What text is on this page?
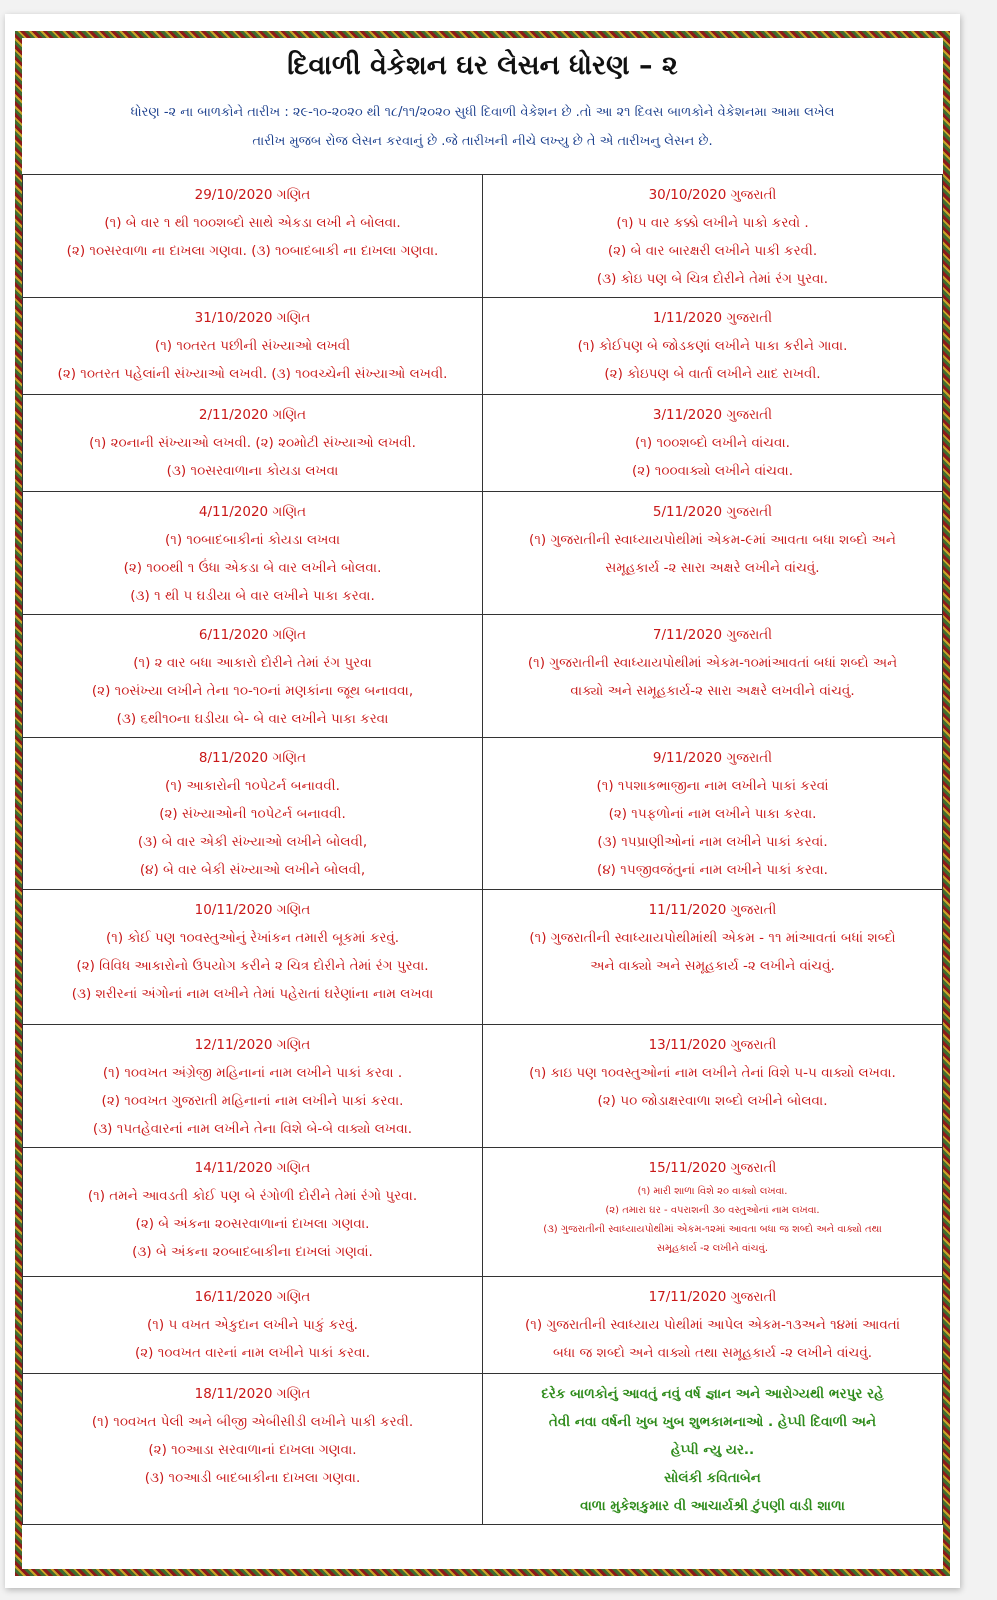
દિવાળી વેકેશન ઘર લેસન ધોરણ – ૨
ધોરણ -૨ ના બાળકોને તારીખ : ૨૯-૧૦-૨૦૨૦ થી ૧૮/૧૧/૨૦૨૦ સુધી દિવાળી વેકેશન છે .તો આ ૨૧ દિવસ બાળકોને વેકેશનમા આમા લખેલ
તારીખ મુજબ રોજ લેસન કરવાનું છે .જે તારીખની નીચે લખ્યુ છે તે એ તારીખનુ લેસન છે.
29/10/2020 ગણિત
(૧) બે વાર ૧ થી ૧૦૦શબ્દો સાથે એકડા લખી ને બોલવા.
(૨) ૧૦સરવાળા ના દાખલા ગણવા. (૩) ૧૦બાદબાકી ના દાખલા ગણવા.	30/10/2020 ગુજરાતી
(૧) ૫ વાર કક્કો લખીને પાકો કરવો .
(૨) બે વાર બારક્ષરી લખીને પાકી કરવી.
(૩) કોઇ પણ બે ચિત્ર દોરીને તેમાં રંગ પુરવા.

31/10/2020 ગણિત
(૧) ૧૦તરત પછીની સંખ્યાઓ લખવી
(૨) ૧૦તરત પહેલાંની સંખ્યાઓ લખવી. (૩) ૧૦વચ્ચેની સંખ્યાઓ લખવી.	1/11/2020 ગુજરાતી
(૧) કોઈપણ બે જોડકણાં લખીને પાકા કરીને ગાવા.
(૨) કોઇપણ બે વાર્તા લખીને યાદ રાખવી.

2/11/2020 ગણિત
(૧) ૨૦નાની સંખ્યાઓ લખવી. (૨) ૨૦મોટી સંખ્યાઓ લખવી.
(૩) ૧૦સરવાળાના કોયડા લખવા	3/11/2020 ગુજરાતી
(૧) ૧૦૦શબ્દો લખીને વાંચવા.
(૨) ૧૦૦વાક્યો લખીને વાંચવા.

4/11/2020 ગણિત
(૧) ૧૦બાદબાકીનાં કોયડા લખવા
(૨) ૧૦૦થી ૧ ઉંધા એકડા બે વાર લખીને બોલવા.
(૩) ૧ થી ૫ ઘડીયા બે વાર લખીને પાકા કરવા.	5/11/2020 ગુજરાતી
(૧) ગુજરાતીની સ્વાધ્યાયપોથીમાં એકમ-૯માં આવતા બધા શબ્દો અને
સમૂહકાર્ય -૨ સારા અક્ષરે લખીને વાંચવું.

6/11/2020 ગણિત
(૧) ૨ વાર બધા આકારો દોરીને તેમાં રંગ પુરવા
(૨) ૧૦સંખ્યા લખીને તેના ૧૦-૧૦નાં મણકાંના જૂથ બનાવવા,
(૩) ૬થી૧૦ના ઘડીયા બે- બે વાર લખીને પાકા કરવા	7/11/2020 ગુજરાતી
(૧) ગુજરાતીની સ્વાધ્યાયપોથીમાં એકમ-૧૦માંઆવતાં બધાં શબ્દો અને
વાક્યો અને સમૂહકાર્ય-૨ સારા અક્ષરે લખવીને વાંચવું.

8/11/2020 ગણિત
(૧) આકારોની ૧૦પેટર્ન બનાવવી.
(૨) સંખ્યાઓની ૧૦પેટર્ન બનાવવી.
(૩) બે વાર એકી સંખ્યાઓ લખીને બોલવી,
(૪) બે વાર બેકી સંખ્યાઓ લખીને બોલવી,	9/11/2020 ગુજરાતી
(૧) ૧૫શાકભાજીના નામ લખીને પાકાં કરવાં
(૨) ૧૫ફળોનાં નામ લખીને પાકા કરવા.
(૩) ૧૫પ્રાણીઓનાં નામ લખીને પાકાં કરવાં.
(૪) ૧૫જીવજંતુનાં નામ લખીને પાકાં કરવા.

10/11/2020 ગણિત
(૧) કોઈ પણ ૧૦વસ્તુઓનું રેખાંકન તમારી બૂકમાં કરવું.
(૨) વિવિધ આકારોનો ઉપયોગ કરીને ૨ ચિત્ર દોરીને તેમાં રંગ પુરવા.
(૩) શરીરનાં અંગોનાં નામ લખીને તેમાં પહેરાતાં ઘરેણાંના નામ લખવા	11/11/2020 ગુજરાતી
(૧) ગુજરાતીની સ્વાધ્યાયપોથીમાંથી એકમ - ૧૧ માંઆવતાં બધાં શબ્દો
અને વાક્યો અને સમૂહકાર્ય -૨ લખીને વાંચવું.

12/11/2020 ગણિત
(૧) ૧૦વખત અંગ્રેજી મહિનાનાં નામ લખીને પાકાં કરવા .
(૨) ૧૦વખત ગુજરાતી મહિનાનાં નામ લખીને પાકાં કરવા.
(૩) ૧૫તહેવારનાં નામ લખીને તેના વિશે બે-બે વાક્યો લખવા.	13/11/2020 ગુજરાતી
(૧) કાઇ પણ ૧૦વસ્તુઓનાં નામ લખીને તેનાં વિશે ૫-૫ વાક્યો લખવા.
(૨) ૫૦ જોડાક્ષરવાળા શબ્દો લખીને બોલવા.

14/11/2020 ગણિત
(૧) તમને આવડતી કોઈ પણ બે રંગોળી દોરીને તેમાં રંગો પુરવા.
(૨) બે અંકના ૨૦સરવાળાનાં દાખલા ગણવા.
(૩) બે અંકના ૨૦બાદબાકીના દાખલાં ગણવાં.	15/11/2020 ગુજરાતી
(૧) મારી શાળા વિશે ૨૦ વાક્યો લખવા.
(૨) તમારા ઘર - વપરાશની ૩૦ વસ્તુઓનાં નામ લખવા.
(૩) ગુજરાતીની સ્વાધ્યાયપોથીમાં એકમ-૧૨માં આવતા બધા જ શબ્દો અને વાક્યો તથા
સમૂહકાર્ય -૨ લખીને વાંચવું.

16/11/2020 ગણિત
(૧) ૫ વખત એકુદાન લખીને પાકું કરવું.
(૨) ૧૦વખત વારનાં નામ લખીને પાકાં કરવા.	17/11/2020 ગુજરાતી
(૧) ગુજરાતીની સ્વાધ્યાય પોથીમાં આપેલ એકમ-૧૩અને ૧૪માં આવતાં
બધા જ શબ્દો અને વાક્યો તથા સમૂહકાર્ય -૨ લખીને વાંચવું.

18/11/2020 ગણિત
(૧) ૧૦વખત પેલી અને બીજી એબીસીડી લખીને પાકી કરવી.
(૨) ૧૦આડા સરવાળાનાં દાખલા ગણવા.
(૩) ૧૦આડી બાદબાકીના દાખલા ગણવા.	દરેક બાળકોનું આવતું નવું વર્ષ જ્ઞાન અને આરોગ્યથી ભરપુર રહે
તેવી નવા વર્ષની ખુબ ખુબ શુભકામનાઓ . હેપ્પી દિવાળી અને
હેપ્પી ન્યુ યર..
સોલંકી કવિતાબેન
વાળા મુકેશકુમાર વી આચાર્યશ્રી ટુંપણી વાડી શાળા
